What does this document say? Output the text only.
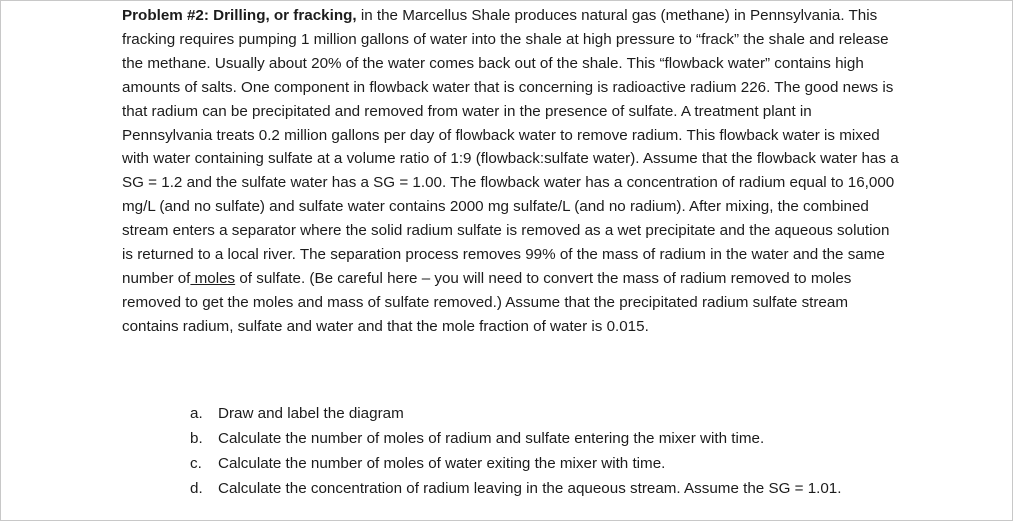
Problem #2: Drilling, or fracking, in the Marcellus Shale produces natural gas (methane) in Pennsylvania. This fracking requires pumping 1 million gallons of water into the shale at high pressure to “frack” the shale and release the methane. Usually about 20% of the water comes back out of the shale. This “flowback water” contains high amounts of salts. One component in flowback water that is concerning is radioactive radium 226. The good news is that radium can be precipitated and removed from water in the presence of sulfate. A treatment plant in Pennsylvania treats 0.2 million gallons per day of flowback water to remove radium. This flowback water is mixed with water containing sulfate at a volume ratio of 1:9 (flowback:sulfate water). Assume that the flowback water has a SG = 1.2 and the sulfate water has a SG = 1.00. The flowback water has a concentration of radium equal to 16,000 mg/L (and no sulfate) and sulfate water contains 2000 mg sulfate/L (and no radium). After mixing, the combined stream enters a separator where the solid radium sulfate is removed as a wet precipitate and the aqueous solution is returned to a local river. The separation process removes 99% of the mass of radium in the water and the same number of moles of sulfate. (Be careful here – you will need to convert the mass of radium removed to moles removed to get the moles and mass of sulfate removed.) Assume that the precipitated radium sulfate stream contains radium, sulfate and water and that the mole fraction of water is 0.015.

a. Draw and label the diagram
b. Calculate the number of moles of radium and sulfate entering the mixer with time.
c. Calculate the number of moles of water exiting the mixer with time.
d. Calculate the concentration of radium leaving in the aqueous stream. Assume the SG = 1.01.
